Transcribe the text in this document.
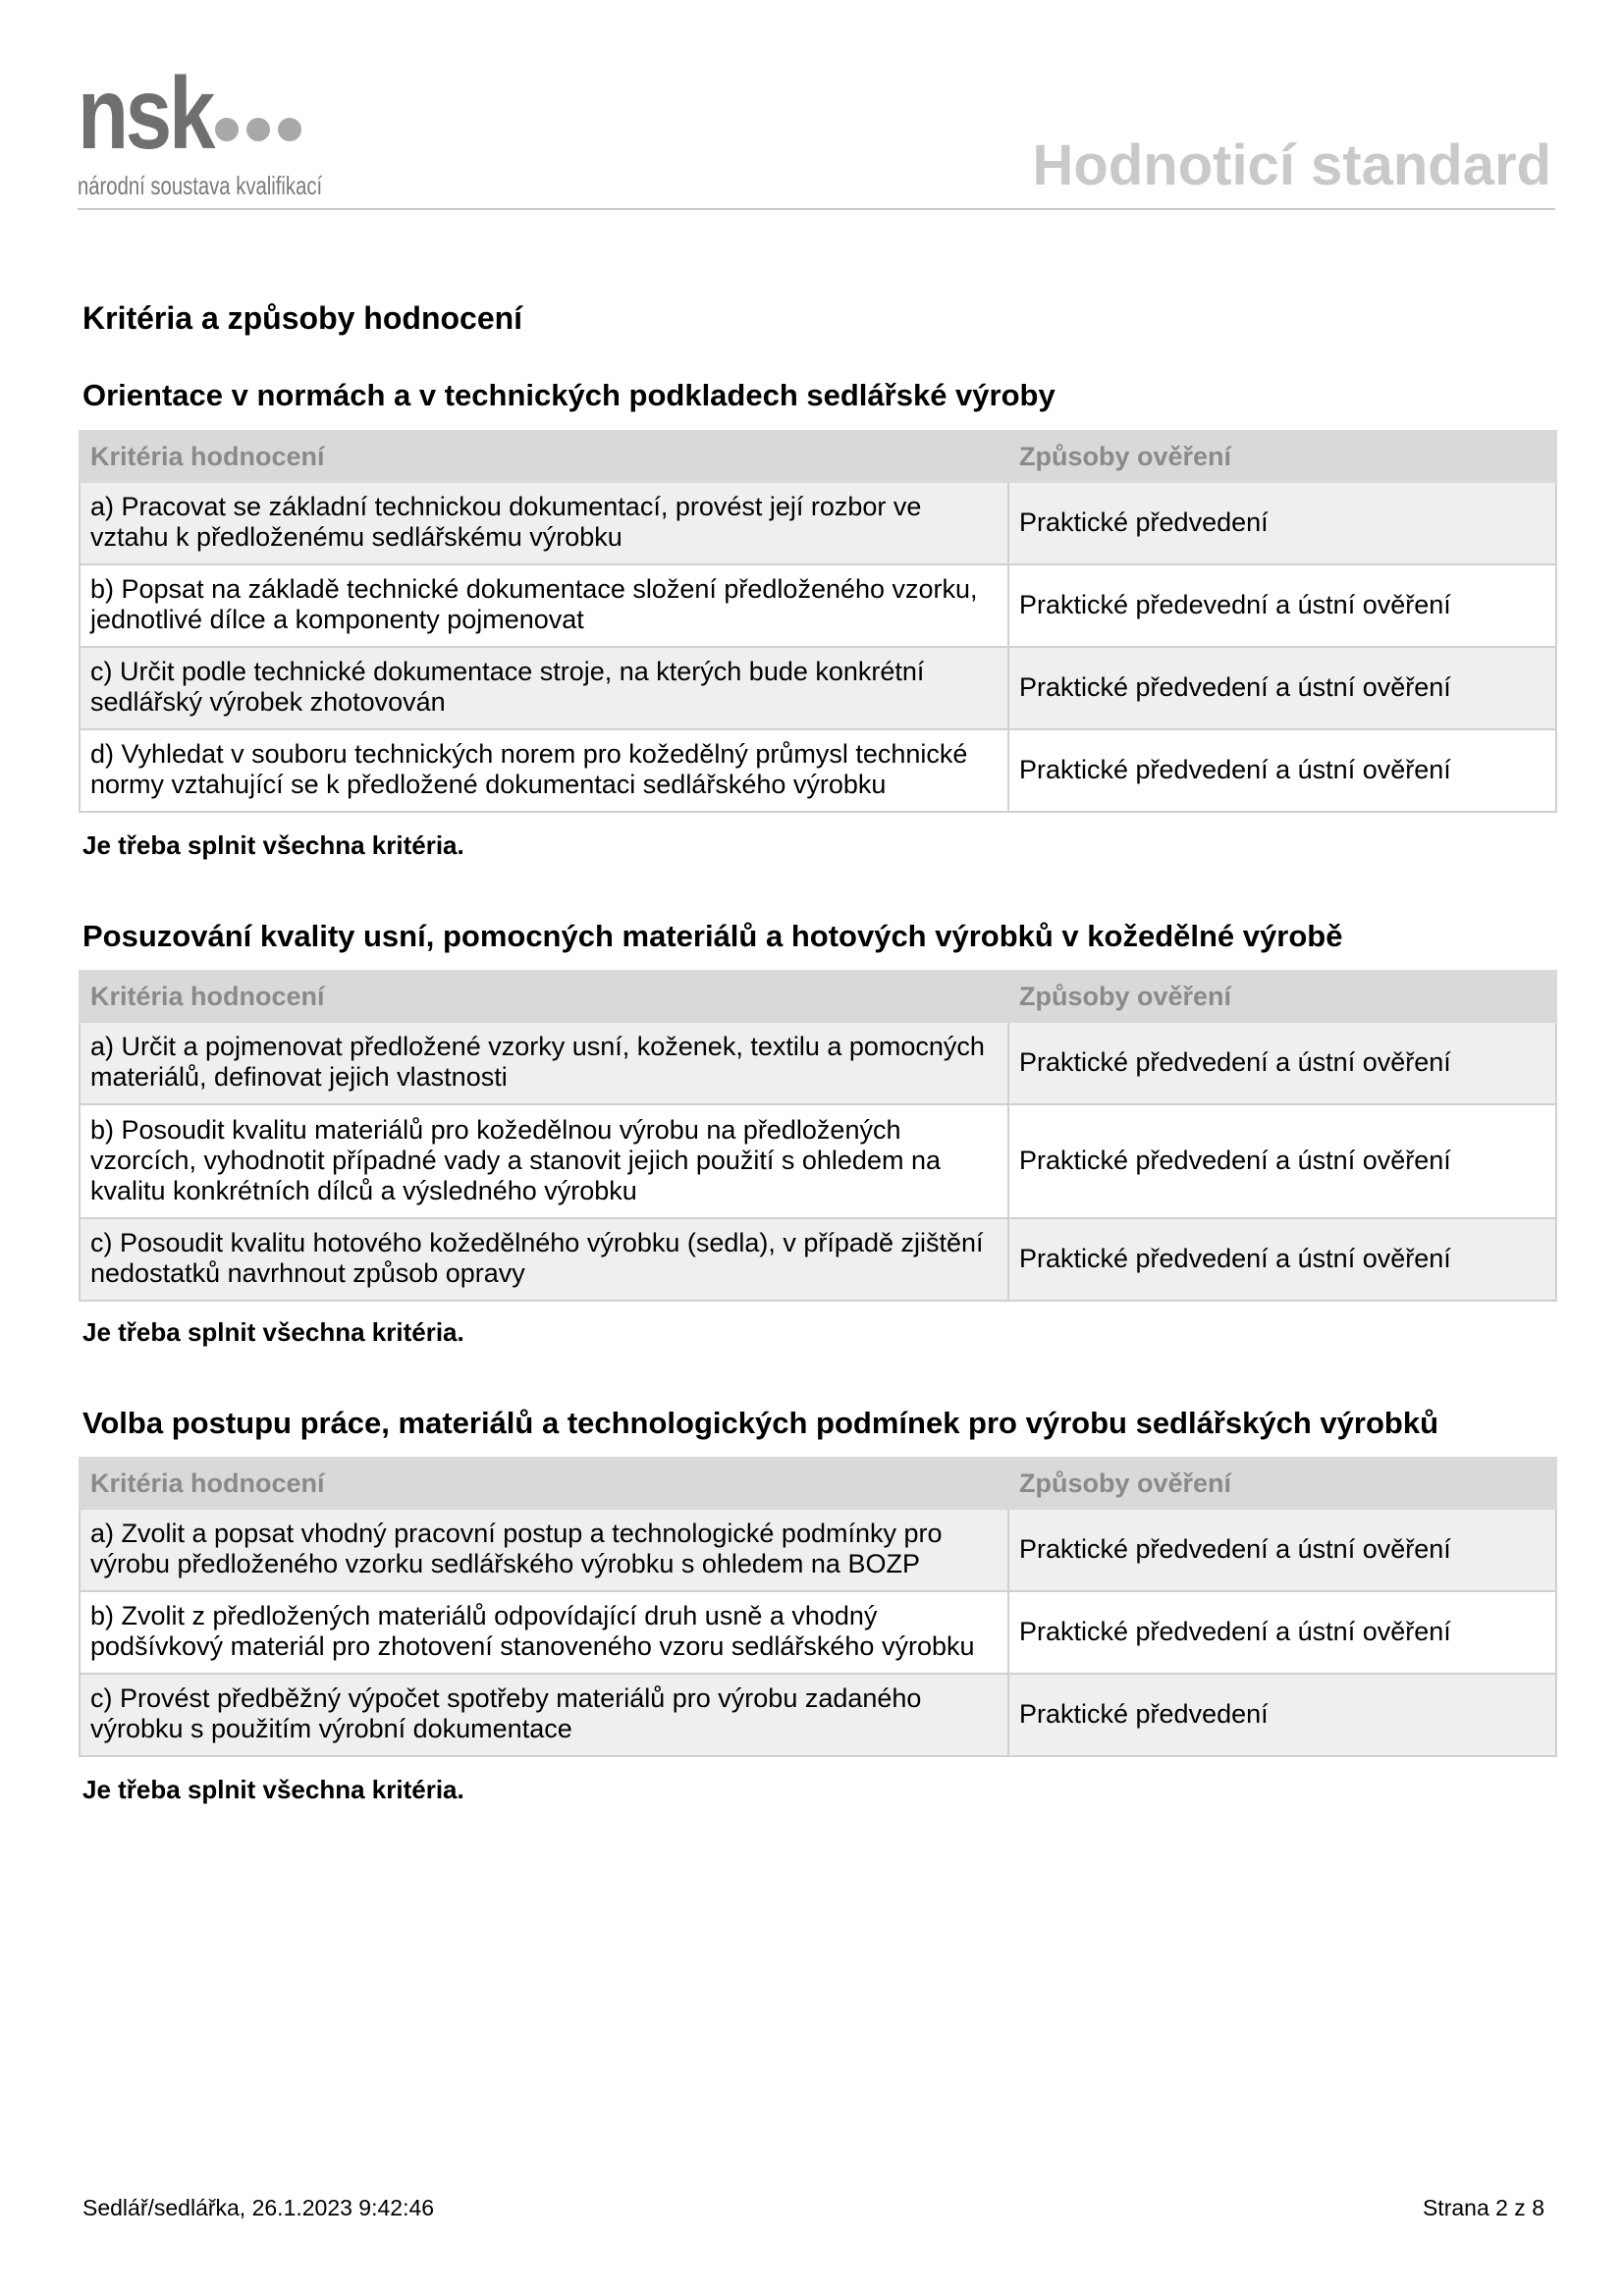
nsk
národní soustava kvalifikací	Hodnoticí standard
Kritéria a způsoby hodnocení
Orientace v normách a v technických podkladech sedlářské výroby
Kritéria hodnocení	Způsoby ověření
a) Pracovat se základní technickou dokumentací, provést její rozbor ve vztahu k předloženému sedlářskému výrobku	Praktické předvedení
b) Popsat na základě technické dokumentace složení předloženého vzorku, jednotlivé dílce a komponenty pojmenovat	Praktické předevední a ústní ověření
c) Určit podle technické dokumentace stroje, na kterých bude konkrétní sedlářský výrobek zhotovován	Praktické předvedení a ústní ověření
d) Vyhledat v souboru technických norem pro kožedělný průmysl technické normy vztahující se k předložené dokumentaci sedlářského výrobku	Praktické předvedení a ústní ověření
Je třeba splnit všechna kritéria.
Posuzování kvality usní, pomocných materiálů a hotových výrobků v kožedělné výrobě
Kritéria hodnocení	Způsoby ověření
a) Určit a pojmenovat předložené vzorky usní, koženek, textilu a pomocných materiálů, definovat jejich vlastnosti	Praktické předvedení a ústní ověření
b) Posoudit kvalitu materiálů pro kožedělnou výrobu na předložených vzorcích, vyhodnotit případné vady a stanovit jejich použití s ohledem na kvalitu konkrétních dílců a výsledného výrobku	Praktické předvedení a ústní ověření
c) Posoudit kvalitu hotového kožedělného výrobku (sedla), v případě zjištění nedostatků navrhnout způsob opravy	Praktické předvedení a ústní ověření
Je třeba splnit všechna kritéria.
Volba postupu práce, materiálů a technologických podmínek pro výrobu sedlářských výrobků
Kritéria hodnocení	Způsoby ověření
a) Zvolit a popsat vhodný pracovní postup a technologické podmínky pro výrobu předloženého vzorku sedlářského výrobku s ohledem na BOZP	Praktické předvedení a ústní ověření
b) Zvolit z předložených materiálů odpovídající druh usně a vhodný podšívkový materiál pro zhotovení stanoveného vzoru sedlářského výrobku	Praktické předvedení a ústní ověření
c) Provést předběžný výpočet spotřeby materiálů pro výrobu zadaného výrobku s použitím výrobní dokumentace	Praktické předvedení
Je třeba splnit všechna kritéria.
Sedlář/sedlářka, 26.1.2023 9:42:46	Strana 2 z 8
